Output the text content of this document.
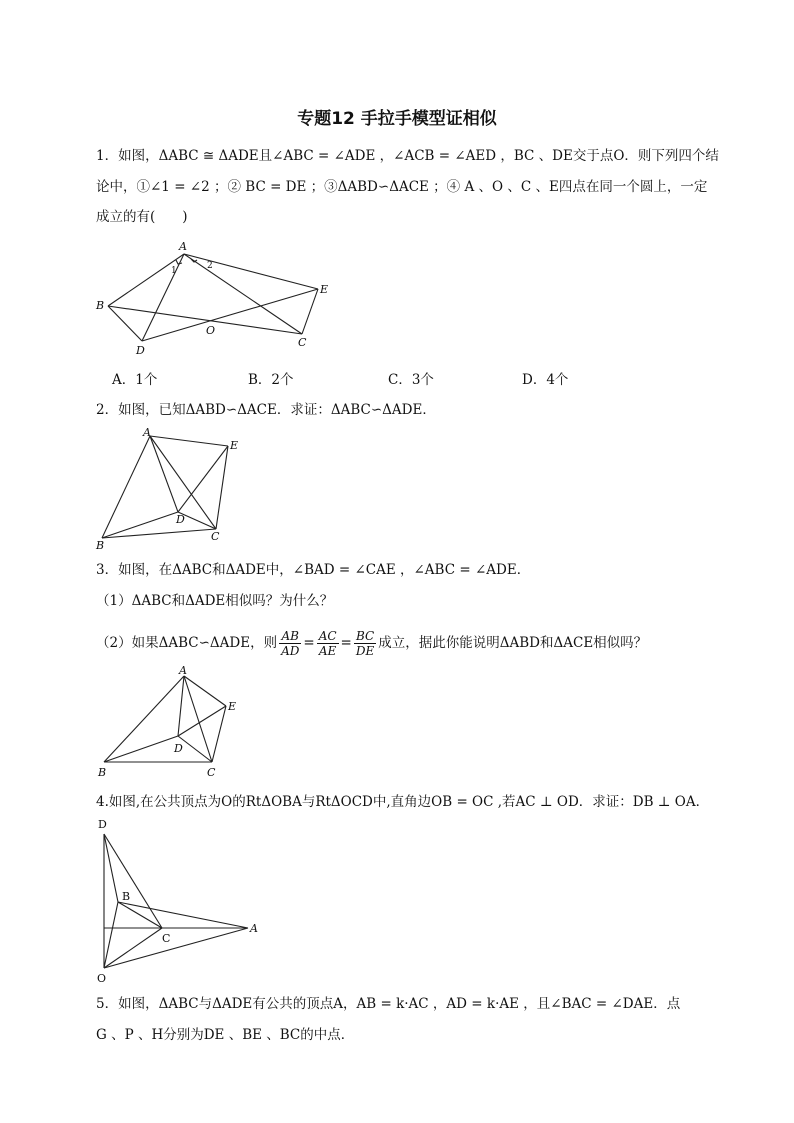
专题12 手拉手模型证相似
1．如图，ΔABC ≅ ΔADE且∠ABC = ∠ADE ，∠ACB = ∠AED ，BC 、DE交于点O．则下列四个结
论中，①∠1 = ∠2 ；② BC = DE ；③ΔABD∽ΔACE ；④ A 、O 、C 、E四点在同一个圆上，一定
成立的有(　　)
A
B
D
C
E
O
1	2
A．1个	B．2个	C．3个	D．4个
2．如图，已知ΔABD∽ΔACE．求证：ΔABC∽ΔADE．
A
B
D
C
E
3．如图，在ΔABC和ΔADE中，∠BAD = ∠CAE ，∠ABC = ∠ADE．
（1）ΔABC和ΔADE相似吗？为什么？
（2）如果ΔABC∽ΔADE，则 $\frac{AB}{AD} = \frac{AC}{AE} = \frac{BC}{DE}$ 成立，据此你能说明ΔABD和ΔACE相似吗？
A
B
D
C
E
4.如图,在公共顶点为O的RtΔOBA与RtΔOCD中,直角边OB = OC ,若AC ⊥ OD．求证：DB ⊥ OA．
D
B
C
A
O
5．如图，ΔABC与ΔADE有公共的顶点A，AB = k·AC ，AD = k·AE ，且∠BAC = ∠DAE．点
G 、P 、H分别为DE 、BE 、BC的中点．
